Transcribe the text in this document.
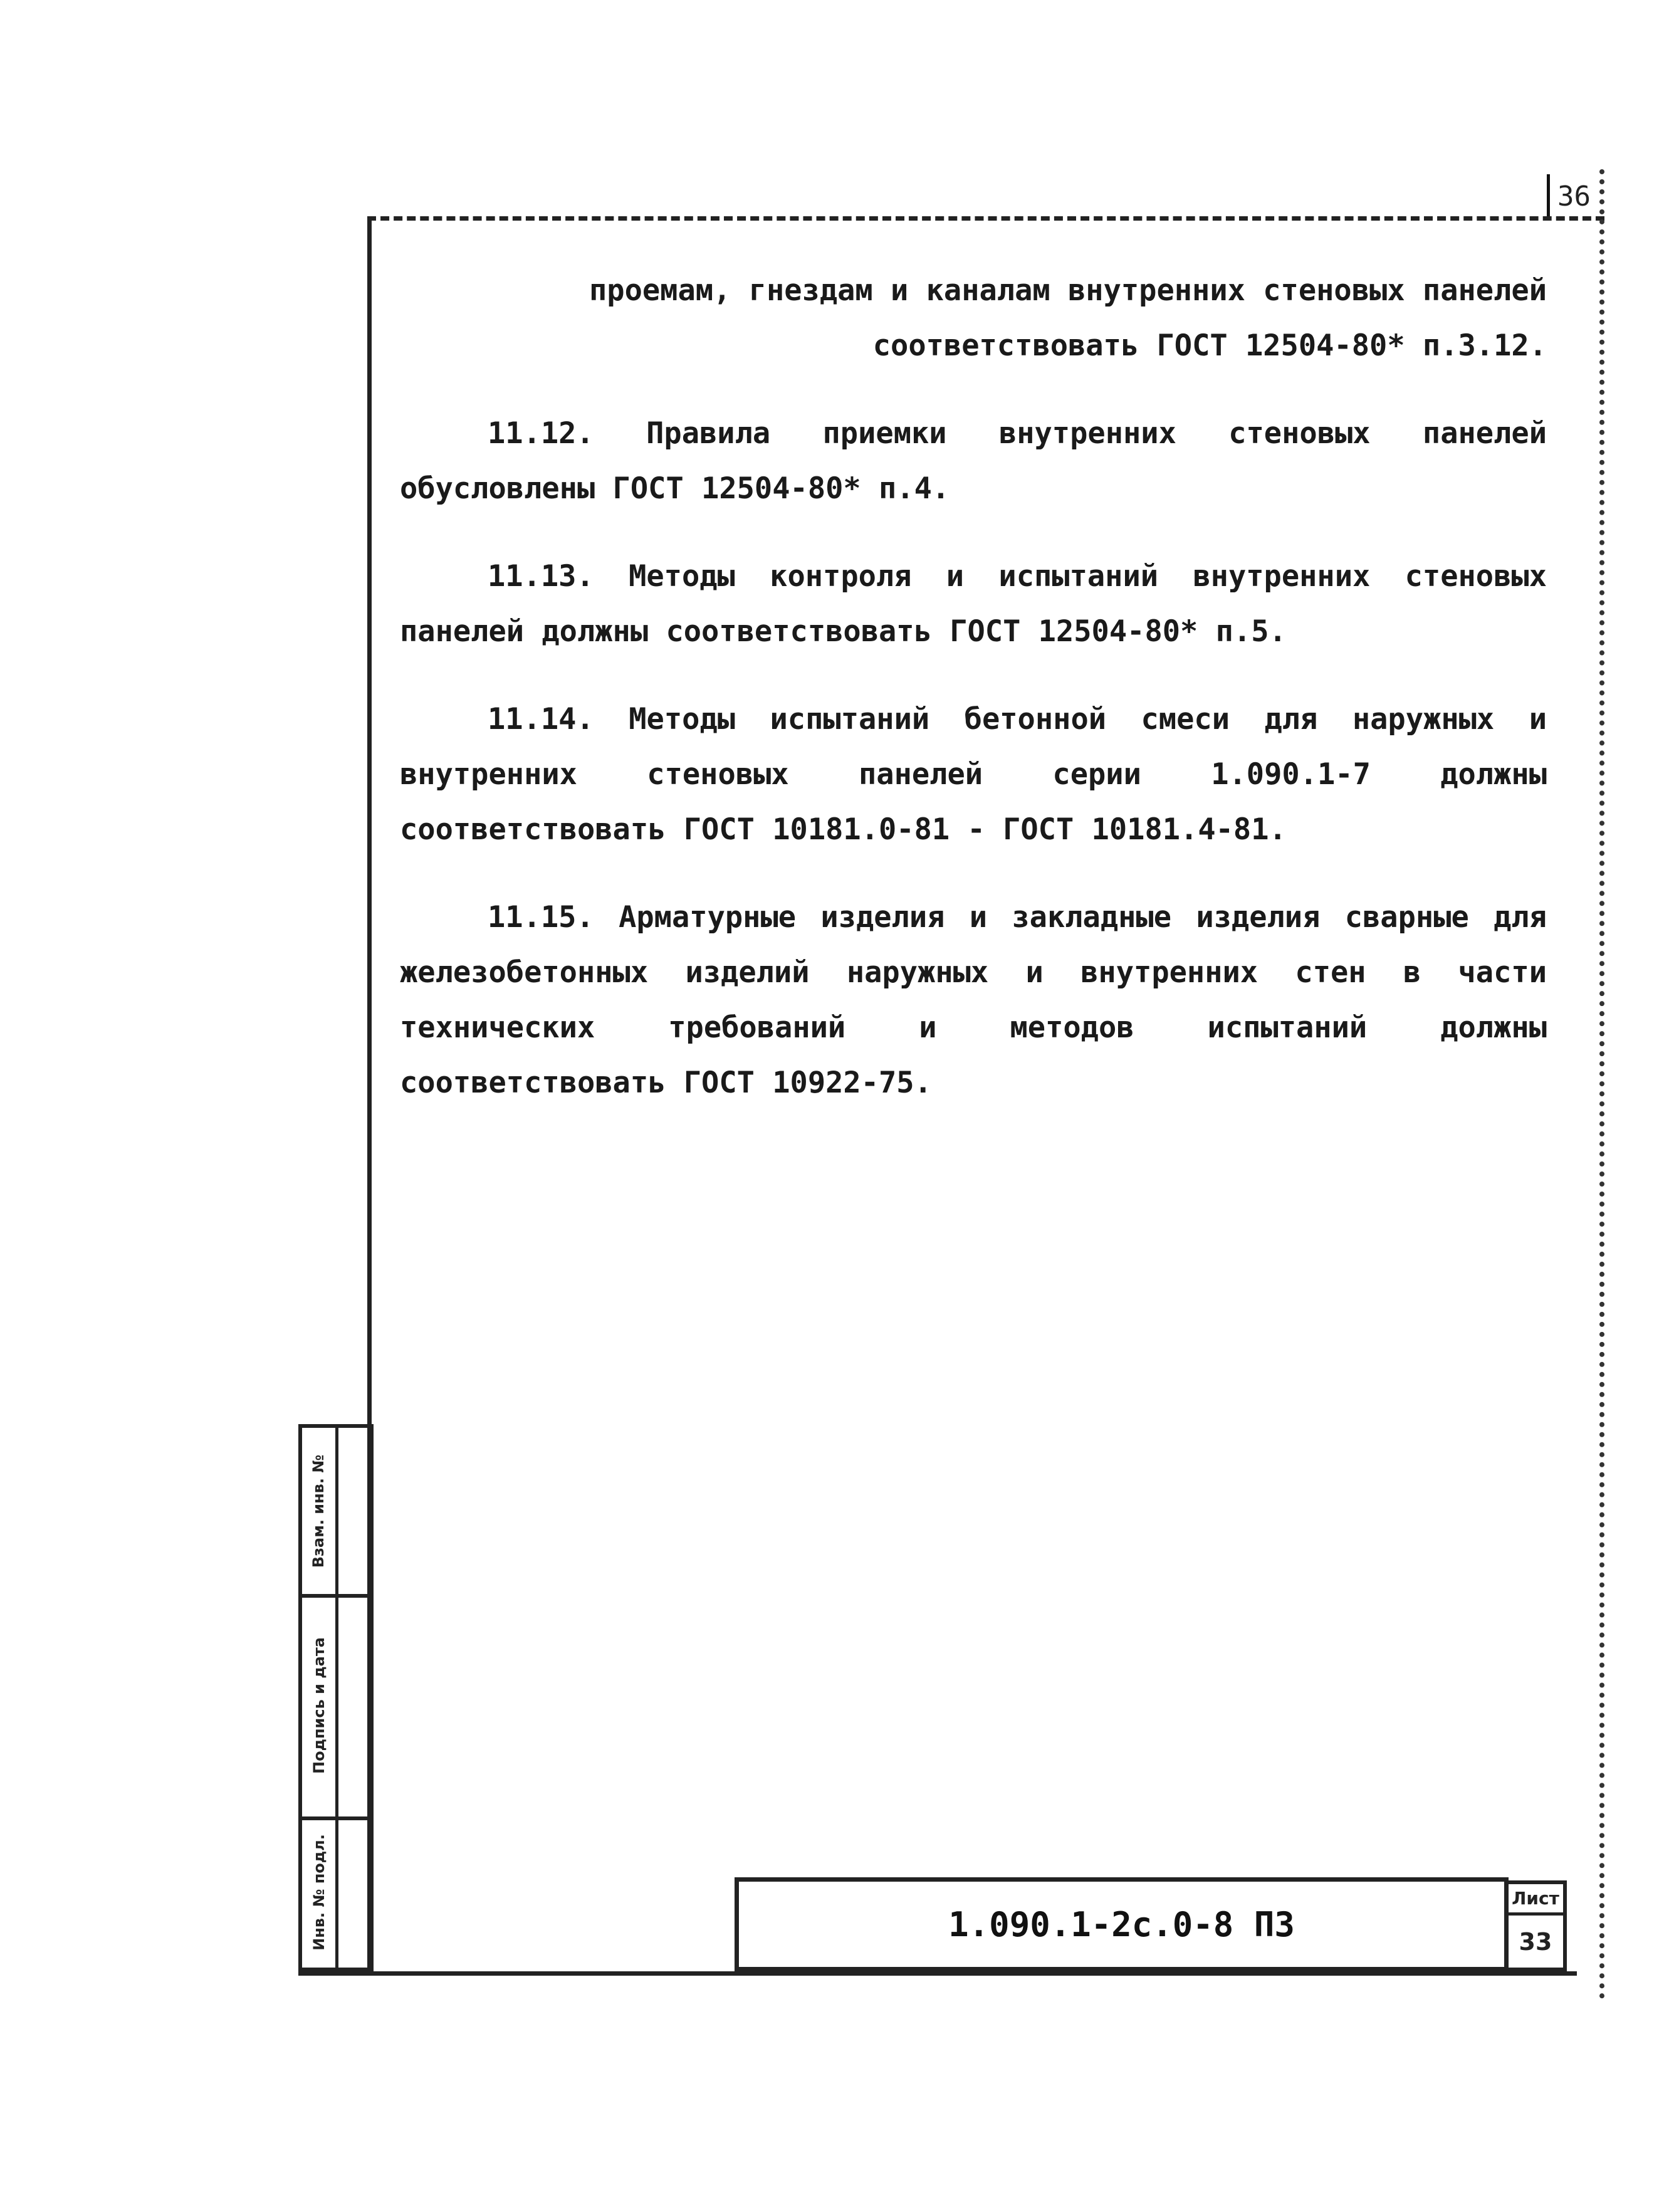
36

проемам, гнездам и каналам внутренних стеновых панелей соответствовать ГОСТ 12504-80* п.3.12.

11.12. Правила приемки внутренних стеновых панелей обусловлены ГОСТ 12504-80* п.4.

11.13. Методы контроля и испытаний внутренних стеновых панелей должны соответствовать ГОСТ 12504-80* п.5.

11.14. Методы испытаний бетонной смеси для наружных и внутренних стеновых панелей серии 1.090.1-7 должны соответствовать ГОСТ 10181.0-81 - ГОСТ 10181.4-81.

11.15. Арматурные изделия и закладные изделия сварные для железобетонных изделий наружных и внутренних стен в части технических требований и методов испытаний должны соответствовать ГОСТ 10922-75.

Взам. инв. №
Подпись и дата
Инв. № подл.	1.090.1-2с.0-8 ПЗ
Лист
33
